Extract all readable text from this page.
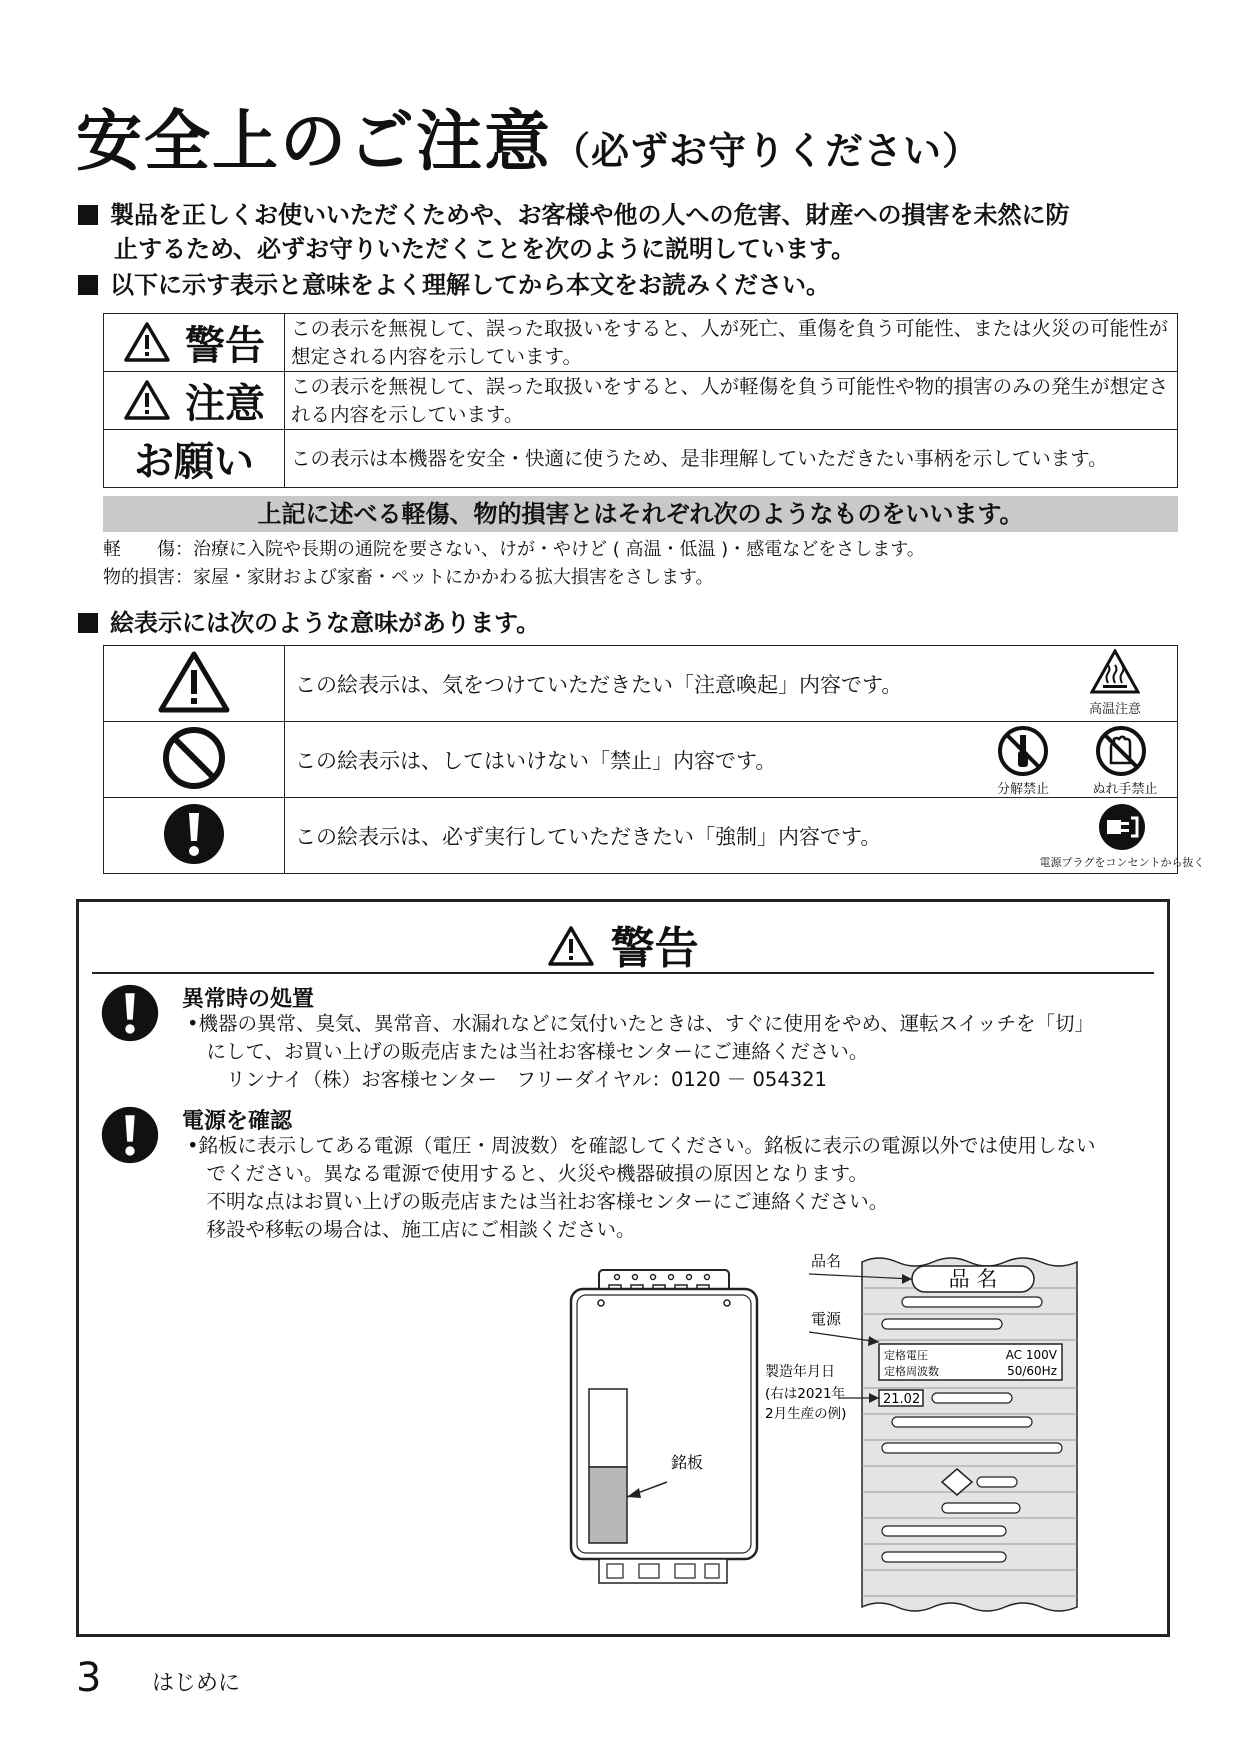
安全上のご注意（必ずお守りください）
製品を正しくお使いいただくためや、お客様や他の人への危害、財産への損害を未然に防
止するため、必ずお守りいただくことを次のように説明しています。
以下に示す表示と意味をよく理解してから本文をお読みください。
警告	この表示を無視して、誤った取扱いをすると、人が死亡、重傷を負う可能性、または火災の可能性が想定される内容を示しています。
注意	この表示を無視して、誤った取扱いをすると、人が軽傷を負う可能性や物的損害のみの発生が想定される内容を示しています。
お願い	この表示は本機器を安全・快適に使うため、是非理解していただきたい事柄を示しています。
上記に述べる軽傷、物的損害とはそれぞれ次のようなものをいいます。
軽　　傷：治療に入院や長期の通院を要さない、けが・やけど ( 高温・低温 )・感電などをさします。
物的損害：家屋・家財および家畜・ペットにかかわる拡大損害をさします。
絵表示には次のような意味があります。
	この絵表示は、気をつけていただきたい「注意喚起」内容です。
高温注意

	この絵表示は、してはいけない「禁止」内容です。
分解禁止 ぬれ手禁止

	この絵表示は、必ず実行していただきたい「強制」内容です。
電源プラグをコンセントから抜く
警告
異常時の処置
•機器の異常、臭気、異常音、水漏れなどに気付いたときは、すぐに使用をやめ、運転スイッチを「切」
　にして、お買い上げの販売店または当社お客様センターにご連絡ください。
　　リンナイ（株）お客様センター　フリーダイヤル：0120 － 054321
電源を確認
•銘板に表示してある電源（電圧・周波数）を確認してください。銘板に表示の電源以外では使用しない
　でください。異なる電源で使用すると、火災や機器破損の原因となります。
　不明な点はお買い上げの販売店または当社お客様センターにご連絡ください。
　移設や移転の場合は、施工店にご相談ください。
銘板
品 名
定格電圧	AC 100V
定格周波数	50/60Hz
21.02
品名
電源
製造年月日
(右は2021年
2月生産の例)
3 はじめに
